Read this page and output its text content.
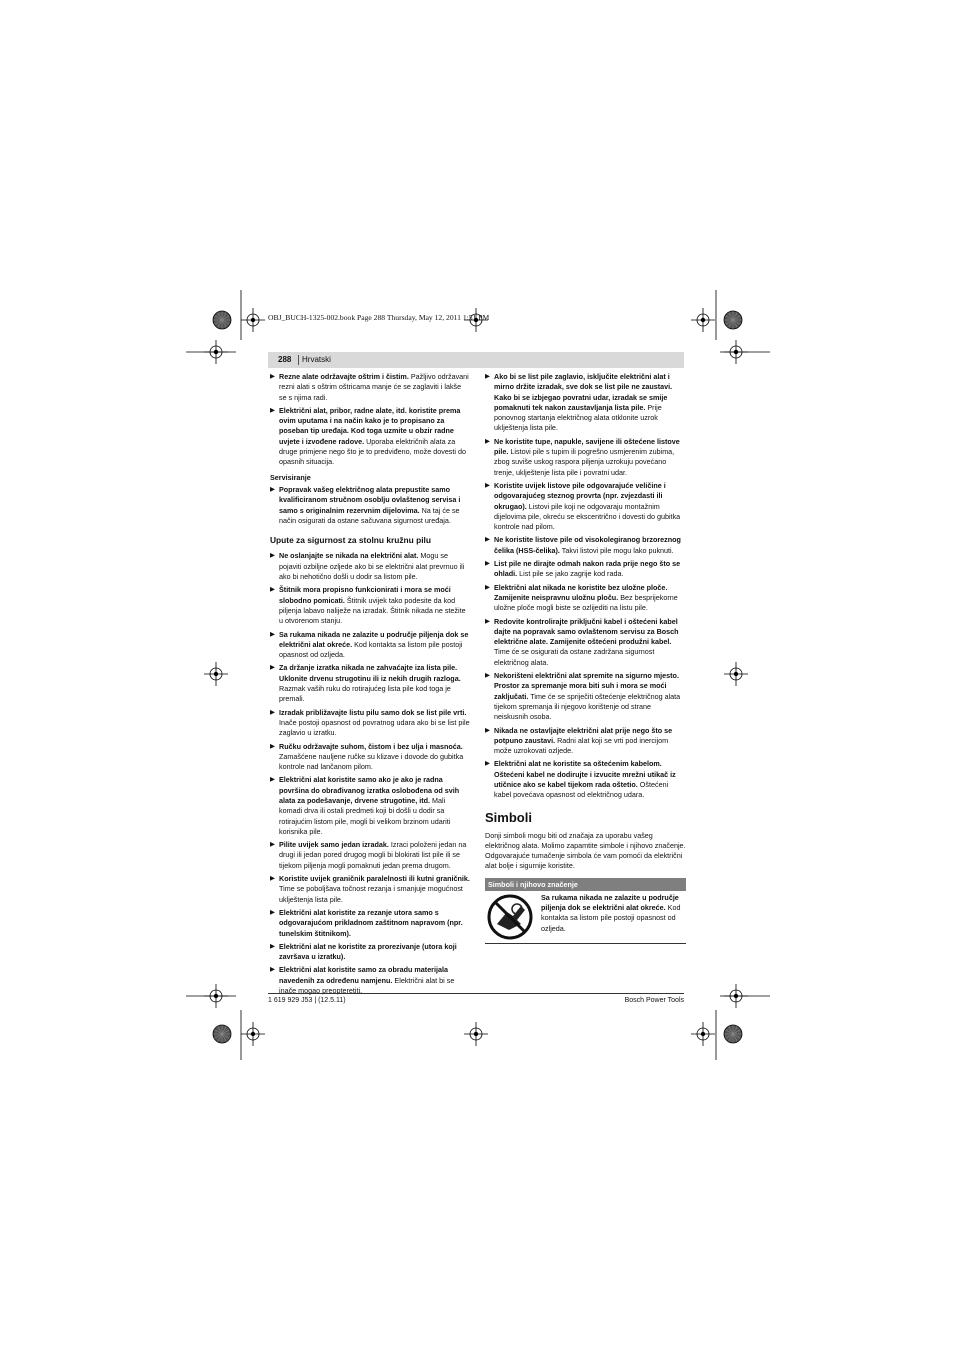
OBJ_BUCH-1325-002.book Page 288 Thursday, May 12, 2011 1:51 PM
288 Hrvatski
▶ Rezne alate održavajte oštrim i čistim. Pažljivo održavani rezni alati s oštrim oštricama manje će se zaglaviti i lakše se s njima radi.
▶ Električni alat, pribor, radne alate, itd. koristite prema ovim uputama i na način kako je to propisano za poseban tip uređaja. Kod toga uzmite u obzir radne uvjete i izvođene radove. Uporaba električnih alata za druge primjene nego što je to predviđeno, može dovesti do opasnih situacija.
Servisiranje
▶ Popravak vašeg električnog alata prepustite samo kvalificiranom stručnom osoblju ovlaštenog servisa i samo s originalnim rezervnim dijelovima. Na taj će se način osigurati da ostane sačuvana sigurnost uređaja.
Upute za sigurnost za stolnu kružnu pilu
▶ Ne oslanjajte se nikada na električni alat. Mogu se pojaviti ozbiljne ozljede ako bi se električni alat prevrnuo ili ako bi nehotično došli u dodir sa listom pile.
▶ Štitnik mora propisno funkcionirati i mora se moći slobodno pomicati. Štitnik uvijek tako podesite da kod piljenja labavo naliježe na izradak. Štitnik nikada ne stežite u otvorenom stanju.
▶ Sa rukama nikada ne zalazite u područje piljenja dok se električni alat okreće. Kod kontakta sa listom pile postoji opasnost od ozljeda.
▶ Za držanje izratka nikada ne zahvaćajte iza lista pile. Uklonite drvenu strugotinu ili iz nekih drugih razloga. Razmak vaših ruku do rotirajućeg lista pile kod toga je premali.
▶ Izradak približavajte listu pilu samo dok se list pile vrti. Inače postoji opasnost od povratnog udara ako bi se list pile zaglavio u izratku.
▶ Ručku održavajte suhom, čistom i bez ulja i masnoća. Zamašćene nauljene ručke su klizave i dovode do gubitka kontrole nad lančanom pilom.
▶ Električni alat koristite samo ako je ako je radna površina do obrađivanog izratka oslobođena od svih alata za podešavanje, drvene strugotine, itd. Mali komadi drva ili ostali predmeti koji bi došli u dodir sa rotirajućim listom pile, mogli bi velikom brzinom udariti korisnika pile.
▶ Pilite uvijek samo jedan izradak. Izraci položeni jedan na drugi ili jedan pored drugog mogli bi blokirati list pile ili se tijekom piljenja mogli pomaknuti jedan prema drugom.
▶ Koristite uvijek graničnik paralelnosti ili kutni graničnik. Time se poboljšava točnost rezanja i smanjuje mogućnost uklještenja lista pile.
▶ Električni alat koristite za rezanje utora samo s odgovarajućom prikladnom zaštitnom napravom (npr. tunelskim štitnikom).
▶ Električni alat ne koristite za prorezivanje (utora koji završava u izratku).
▶ Električni alat koristite samo za obradu materijala navedenih za određenu namjenu. Električni alat bi se inače mogao preopteretiti.
▶ Ako bi se list pile zaglavio, isključite električni alat i mirno držite izradak, sve dok se list pile ne zaustavi. Kako bi se izbjegao povratni udar, izradak se smije pomaknuti tek nakon zaustavljanja lista pile. Prije ponovnog startanja električnog alata otklonite uzrok uklještenja lista pile.
▶ Ne koristite tupe, napukle, savijene ili oštećene listove pile. Listovi pile s tupim ili pogrešno usmjerenim zubima, zbog suviše uskog raspora piljenja uzrokuju povećano trenje, uklještenje lista pile i povratni udar.
▶ Koristite uvijek listove pile odgovarajuće veličine i odgovarajućeg steznog provrta (npr. zvjezdasti ili okrugao). Listovi pile koji ne odgovaraju montažnim dijelovima pile, okreću se ekscentrično i dovesti do gubitka kontrole nad pilom.
▶ Ne koristite listove pile od visokolegiranog brzoreznog čelika (HSS-čelika). Takvi listovi pile mogu lako puknuti.
▶ List pile ne dirajte odmah nakon rada prije nego što se ohladi. List pile se jako zagrije kod rada.
▶ Električni alat nikada ne koristite bez uložne ploče. Zamijenite neispravnu uložnu ploču. Bez besprijekorne uložne ploče mogli biste se ozlijediti na listu pile.
▶ Redovite kontrolirajte priključni kabel i oštećeni kabel dajte na popravak samo ovlaštenom servisu za Bosch električne alate. Zamijenite oštećeni produžni kabel. Time će se osigurati da ostane zadržana sigurnost električnog alata.
▶ Nekorišteni električni alat spremite na sigurno mjesto. Prostor za spremanje mora biti suh i mora se moći zaključati. Time će se spriječiti oštećenje električnog alata tijekom spremanja ili njegovo korištenje od strane neiskusnih osoba.
▶ Nikada ne ostavljajte električni alat prije nego što se potpuno zaustavi. Radni alat koji se vrti pod inercijom može uzrokovati ozljede.
▶ Električni alat ne koristite sa oštećenim kabelom. Oštećeni kabel ne dodirujte i izvucite mrežni utikač iz utičnice ako se kabel tijekom rada oštetio. Oštećeni kabel povećava opasnost od električnog udara.
Simboli
Donji simboli mogu biti od značaja za uporabu vašeg električnog alata. Molimo zapamtite simbole i njihovo značenje. Odgovarajuće tumačenje simbola će vam pomoći da električni alat bolje i sigurnije koristite.
Simboli i njihovo značenje
Sa rukama nikada ne zalazite u područje piljenja dok se električni alat okreće. Kod kontakta sa listom pile postoji opasnost od ozljeda.
1 619 929 J53 | (12.5.11)	Bosch Power Tools
